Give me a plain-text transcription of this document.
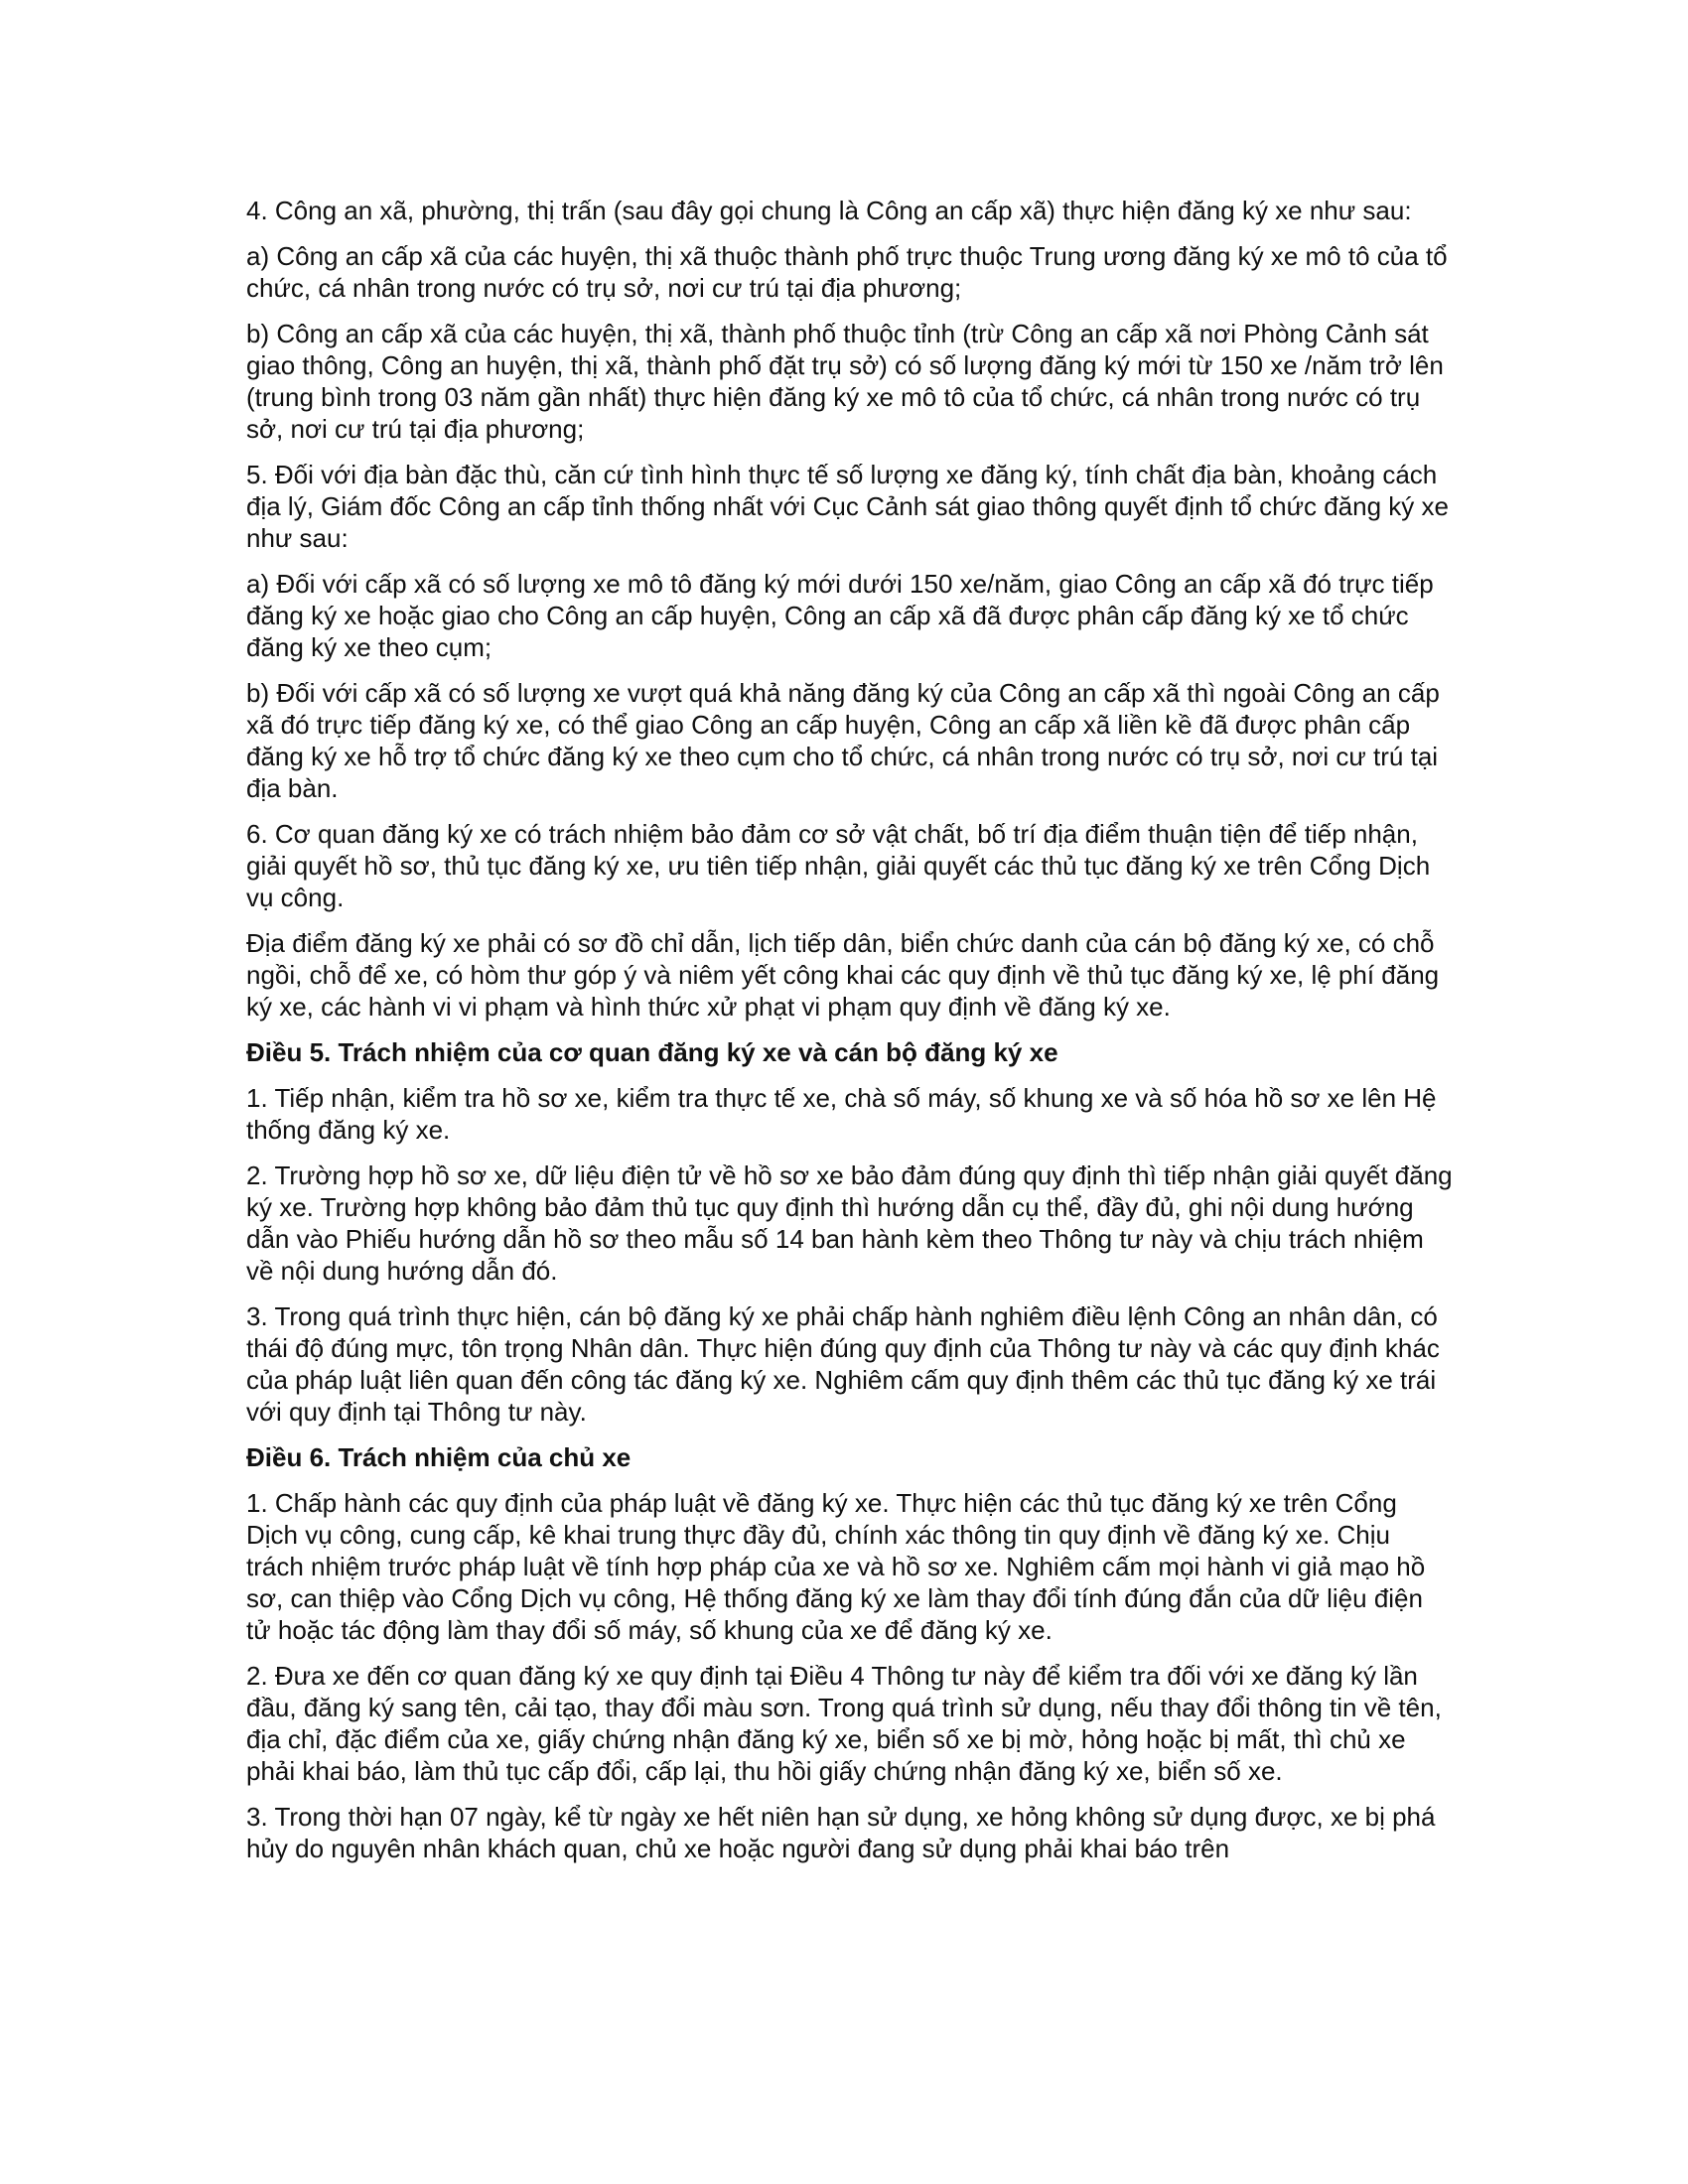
4. Công an xã, phường, thị trấn (sau đây gọi chung là Công an cấp xã) thực hiện đăng ký xe như sau:

a) Công an cấp xã của các huyện, thị xã thuộc thành phố trực thuộc Trung ương đăng ký xe mô tô của tổ chức, cá nhân trong nước có trụ sở, nơi cư trú tại địa phương;

b) Công an cấp xã của các huyện, thị xã, thành phố thuộc tỉnh (trừ Công an cấp xã nơi Phòng Cảnh sát giao thông, Công an huyện, thị xã, thành phố đặt trụ sở) có số lượng đăng ký mới từ 150 xe /năm trở lên (trung bình trong 03 năm gần nhất) thực hiện đăng ký xe mô tô của tổ chức, cá nhân trong nước có trụ sở, nơi cư trú tại địa phương;

5. Đối với địa bàn đặc thù, căn cứ tình hình thực tế số lượng xe đăng ký, tính chất địa bàn, khoảng cách địa lý, Giám đốc Công an cấp tỉnh thống nhất với Cục Cảnh sát giao thông quyết định tổ chức đăng ký xe như sau:

a) Đối với cấp xã có số lượng xe mô tô đăng ký mới dưới 150 xe/năm, giao Công an cấp xã đó trực tiếp đăng ký xe hoặc giao cho Công an cấp huyện, Công an cấp xã đã được phân cấp đăng ký xe tổ chức đăng ký xe theo cụm;

b) Đối với cấp xã có số lượng xe vượt quá khả năng đăng ký của Công an cấp xã thì ngoài Công an cấp xã đó trực tiếp đăng ký xe, có thể giao Công an cấp huyện, Công an cấp xã liền kề đã được phân cấp đăng ký xe hỗ trợ tổ chức đăng ký xe theo cụm cho tổ chức, cá nhân trong nước có trụ sở, nơi cư trú tại địa bàn.

6. Cơ quan đăng ký xe có trách nhiệm bảo đảm cơ sở vật chất, bố trí địa điểm thuận tiện để tiếp nhận, giải quyết hồ sơ, thủ tục đăng ký xe, ưu tiên tiếp nhận, giải quyết các thủ tục đăng ký xe trên Cổng Dịch vụ công.

Địa điểm đăng ký xe phải có sơ đồ chỉ dẫn, lịch tiếp dân, biển chức danh của cán bộ đăng ký xe, có chỗ ngồi, chỗ để xe, có hòm thư góp ý và niêm yết công khai các quy định về thủ tục đăng ký xe, lệ phí đăng ký xe, các hành vi vi phạm và hình thức xử phạt vi phạm quy định về đăng ký xe.

Điều 5. Trách nhiệm của cơ quan đăng ký xe và cán bộ đăng ký xe

1. Tiếp nhận, kiểm tra hồ sơ xe, kiểm tra thực tế xe, chà số máy, số khung xe và số hóa hồ sơ xe lên Hệ thống đăng ký xe.

2. Trường hợp hồ sơ xe, dữ liệu điện tử về hồ sơ xe bảo đảm đúng quy định thì tiếp nhận giải quyết đăng ký xe. Trường hợp không bảo đảm thủ tục quy định thì hướng dẫn cụ thể, đầy đủ, ghi nội dung hướng dẫn vào Phiếu hướng dẫn hồ sơ theo mẫu số 14 ban hành kèm theo Thông tư này và chịu trách nhiệm về nội dung hướng dẫn đó.

3. Trong quá trình thực hiện, cán bộ đăng ký xe phải chấp hành nghiêm điều lệnh Công an nhân dân, có thái độ đúng mực, tôn trọng Nhân dân. Thực hiện đúng quy định của Thông tư này và các quy định khác của pháp luật liên quan đến công tác đăng ký xe. Nghiêm cấm quy định thêm các thủ tục đăng ký xe trái với quy định tại Thông tư này.

Điều 6. Trách nhiệm của chủ xe

1. Chấp hành các quy định của pháp luật về đăng ký xe. Thực hiện các thủ tục đăng ký xe trên Cổng Dịch vụ công, cung cấp, kê khai trung thực đầy đủ, chính xác thông tin quy định về đăng ký xe. Chịu trách nhiệm trước pháp luật về tính hợp pháp của xe và hồ sơ xe. Nghiêm cấm mọi hành vi giả mạo hồ sơ, can thiệp vào Cổng Dịch vụ công, Hệ thống đăng ký xe làm thay đổi tính đúng đắn của dữ liệu điện tử hoặc tác động làm thay đổi số máy, số khung của xe để đăng ký xe.

2. Đưa xe đến cơ quan đăng ký xe quy định tại Điều 4 Thông tư này để kiểm tra đối với xe đăng ký lần đầu, đăng ký sang tên, cải tạo, thay đổi màu sơn. Trong quá trình sử dụng, nếu thay đổi thông tin về tên, địa chỉ, đặc điểm của xe, giấy chứng nhận đăng ký xe, biển số xe bị mờ, hỏng hoặc bị mất, thì chủ xe phải khai báo, làm thủ tục cấp đổi, cấp lại, thu hồi giấy chứng nhận đăng ký xe, biển số xe.

3. Trong thời hạn 07 ngày, kể từ ngày xe hết niên hạn sử dụng, xe hỏng không sử dụng được, xe bị phá hủy do nguyên nhân khách quan, chủ xe hoặc người đang sử dụng phải khai báo trên
